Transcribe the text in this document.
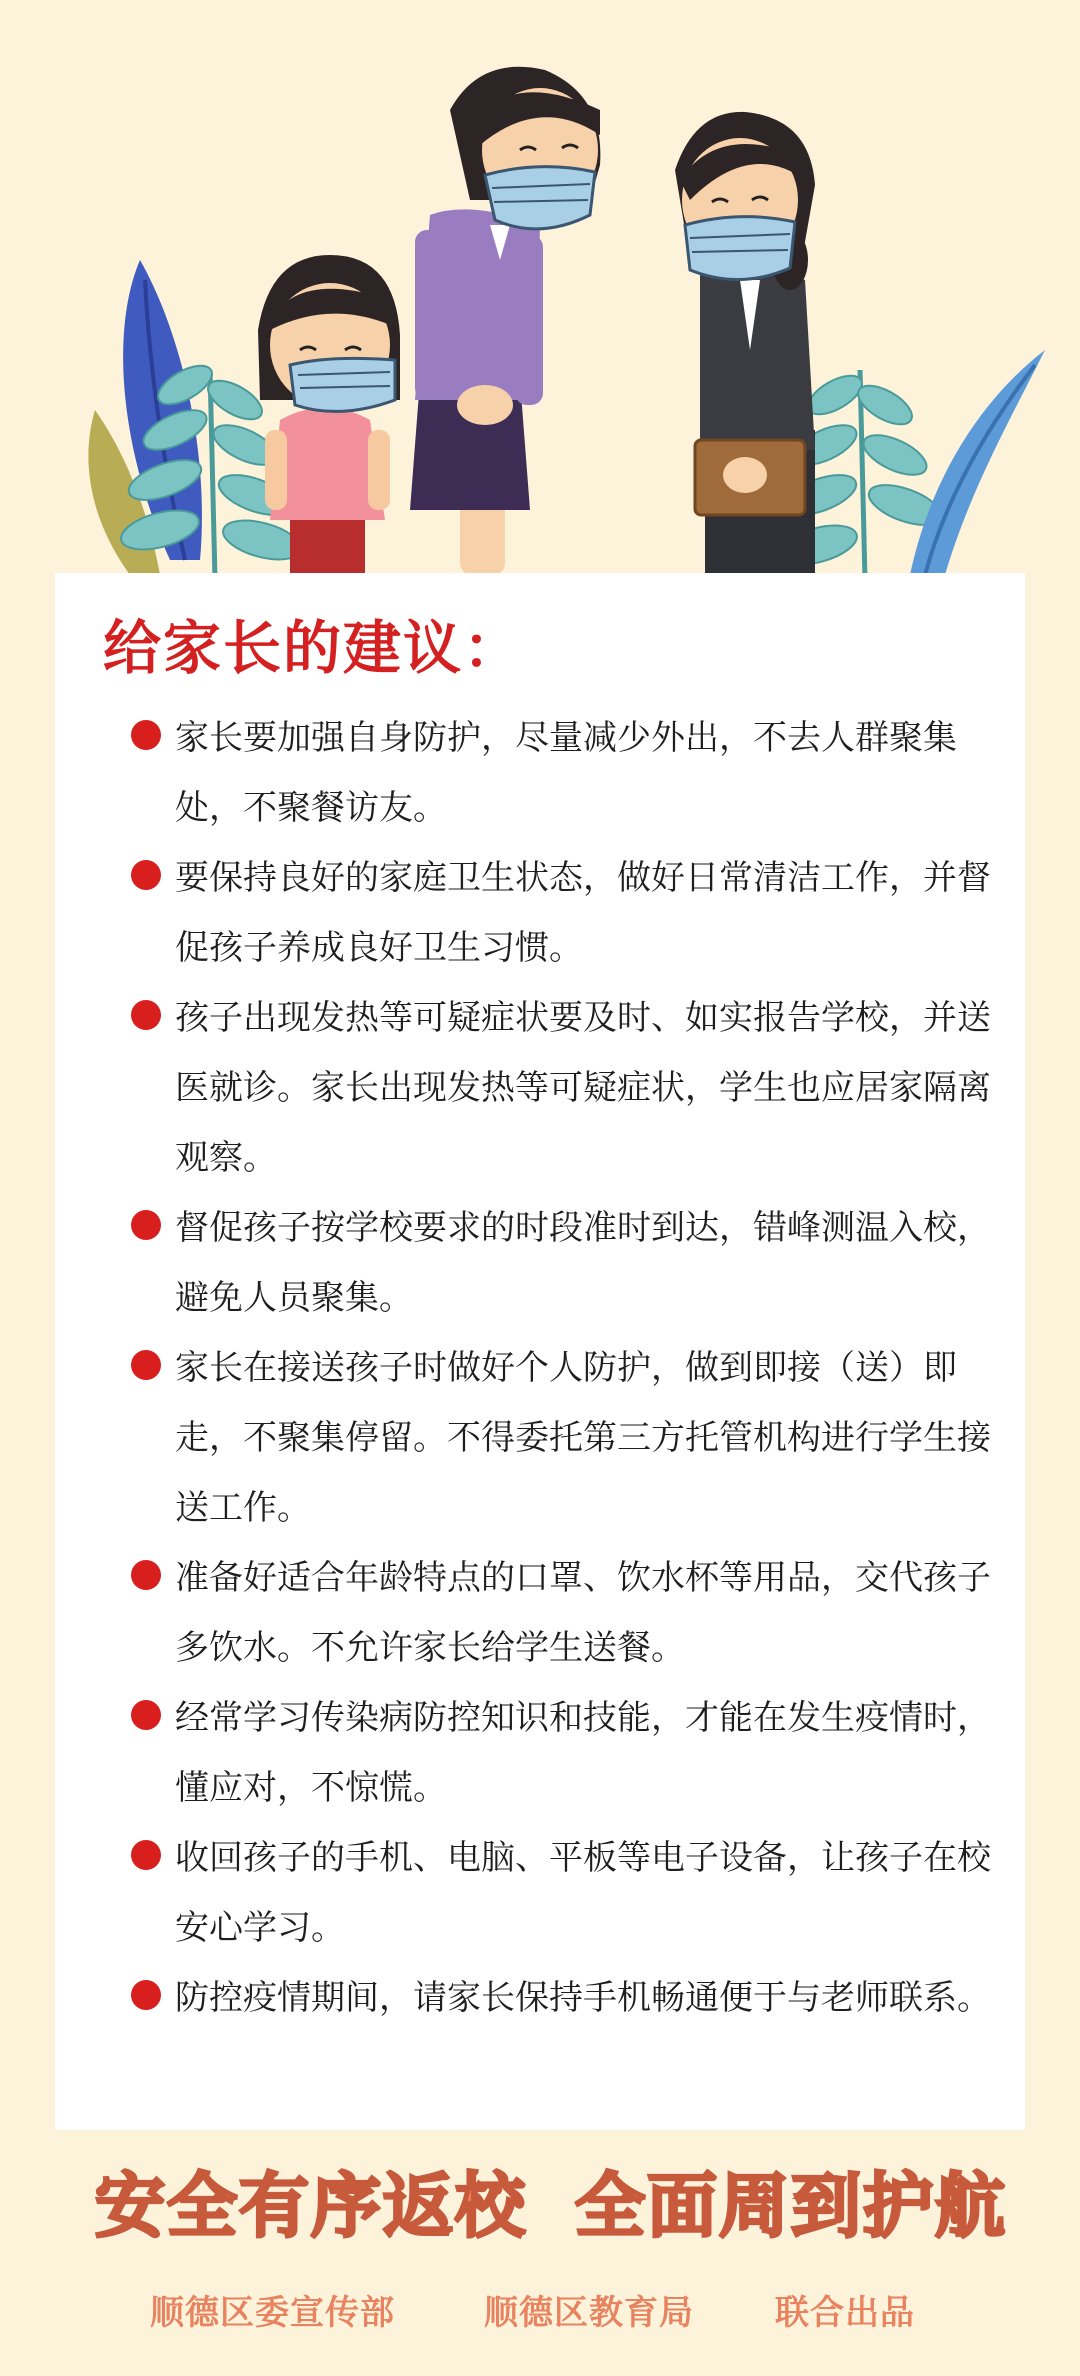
给家长的建议：
家长要加强自身防护，尽量减少外出，不去人群聚集处，不聚餐访友。
要保持良好的家庭卫生状态，做好日常清洁工作，并督促孩子养成良好卫生习惯。
孩子出现发热等可疑症状要及时、如实报告学校，并送医就诊。家长出现发热等可疑症状，学生也应居家隔离观察。
督促孩子按学校要求的时段准时到达，错峰测温入校，避免人员聚集。
家长在接送孩子时做好个人防护，做到即接（送）即走，不聚集停留。不得委托第三方托管机构进行学生接送工作。
准备好适合年龄特点的口罩、饮水杯等用品，交代孩子多饮水。不允许家长给学生送餐。
经常学习传染病防控知识和技能，才能在发生疫情时，懂应对，不惊慌。
收回孩子的手机、电脑、平板等电子设备，让孩子在校安心学习。
防控疫情期间，请家长保持手机畅通便于与老师联系。
安全有序返校 全面周到护航
顺德区委宣传部	顺德区教育局 联合出品
